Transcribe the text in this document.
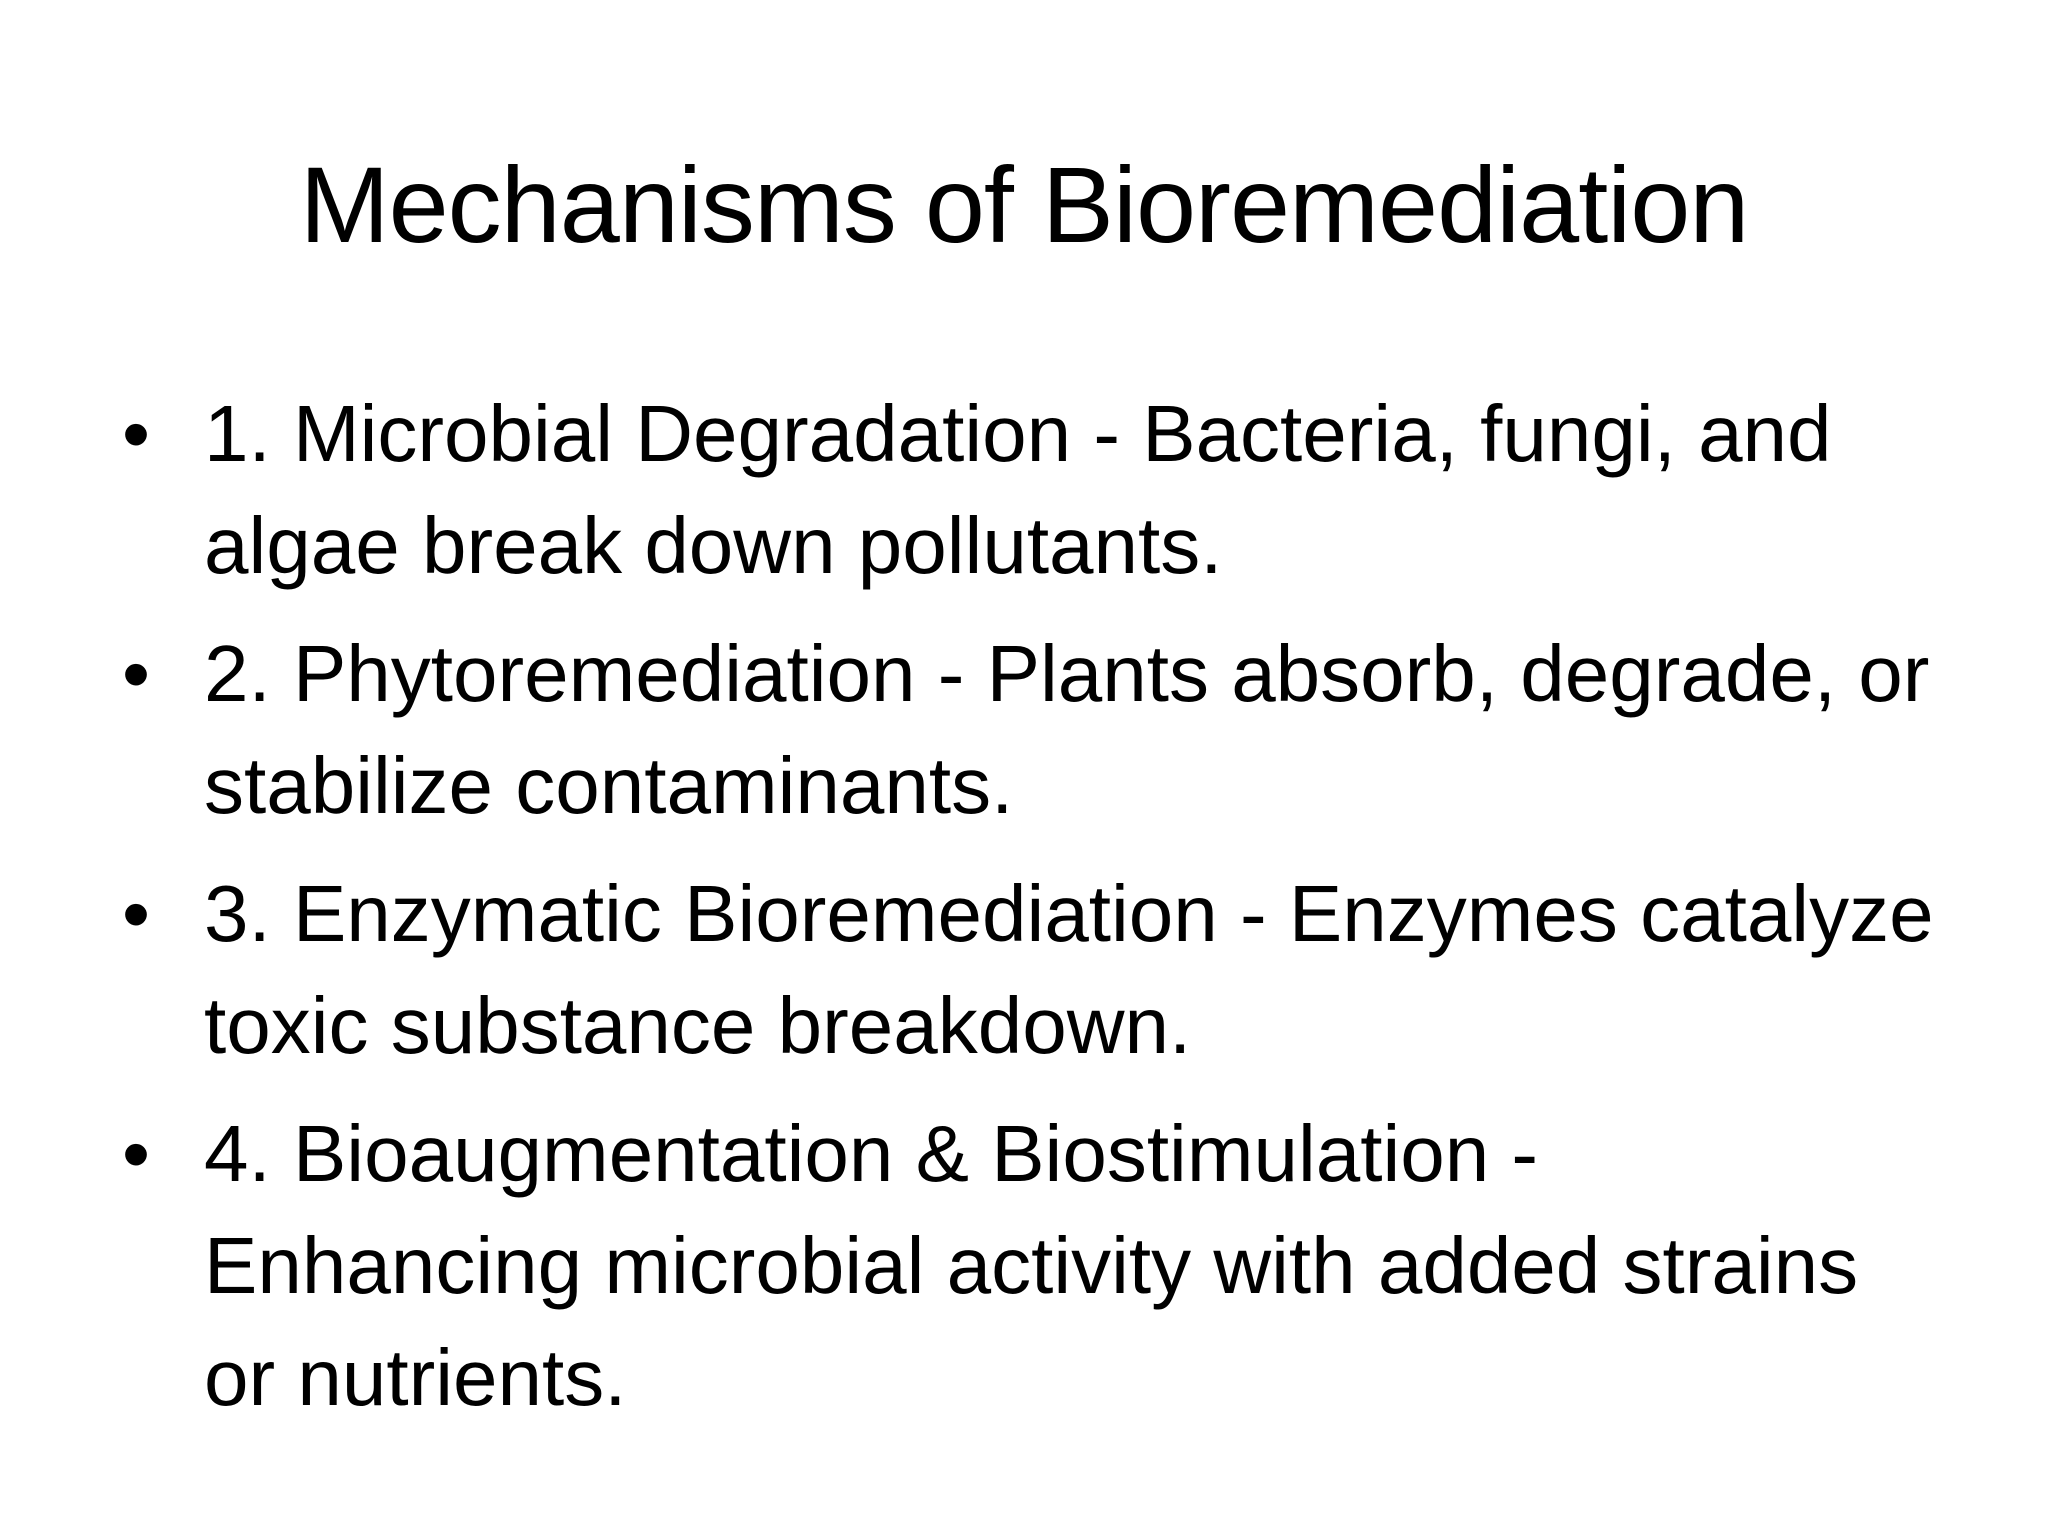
Mechanisms of Bioremediation
• 1. Microbial Degradation - Bacteria, fungi, and algae break down pollutants.
• 2. Phytoremediation - Plants absorb, degrade, or stabilize contaminants.
• 3. Enzymatic Bioremediation - Enzymes catalyze toxic substance breakdown.
• 4. Bioaugmentation & Biostimulation - Enhancing microbial activity with added strains or nutrients.
